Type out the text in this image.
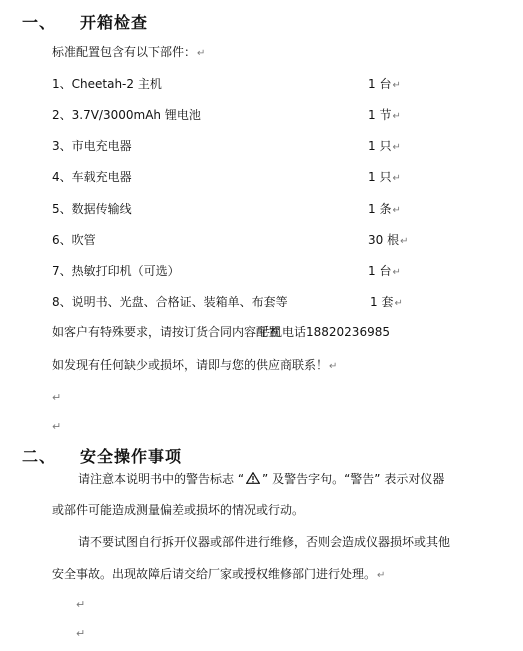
一、 开箱检查
标准配置包含有以下部件：↵
1、Cheetah-2 主机	1 台↵
2、3.7V/3000mAh 锂电池	1 节↵
3、市电充电器	1 只↵
4、车载充电器	1 只↵
5、数据传输线	1 条↵
6、吹管	30 根↵
7、热敏打印机（可选）	1 台↵
8、说明书、光盘、合格证、装箱单、布套等	1 套↵
如客户有特殊要求，请按订货合同内容配置
手机电话18820236985
如发现有任何缺少或损坏，请即与您的供应商联系！↵
↵
↵
二、 安全操作事项
请注意本说明书中的警告标志 “ ” 及警告字句。“警告” 表示对仪器
或部件可能造成测量偏差或损坏的情况或行动。
请不要试图自行拆开仪器或部件进行维修，否则会造成仪器损坏或其他
安全事故。出现故障后请交给厂家或授权维修部门进行处理。↵
↵
↵
